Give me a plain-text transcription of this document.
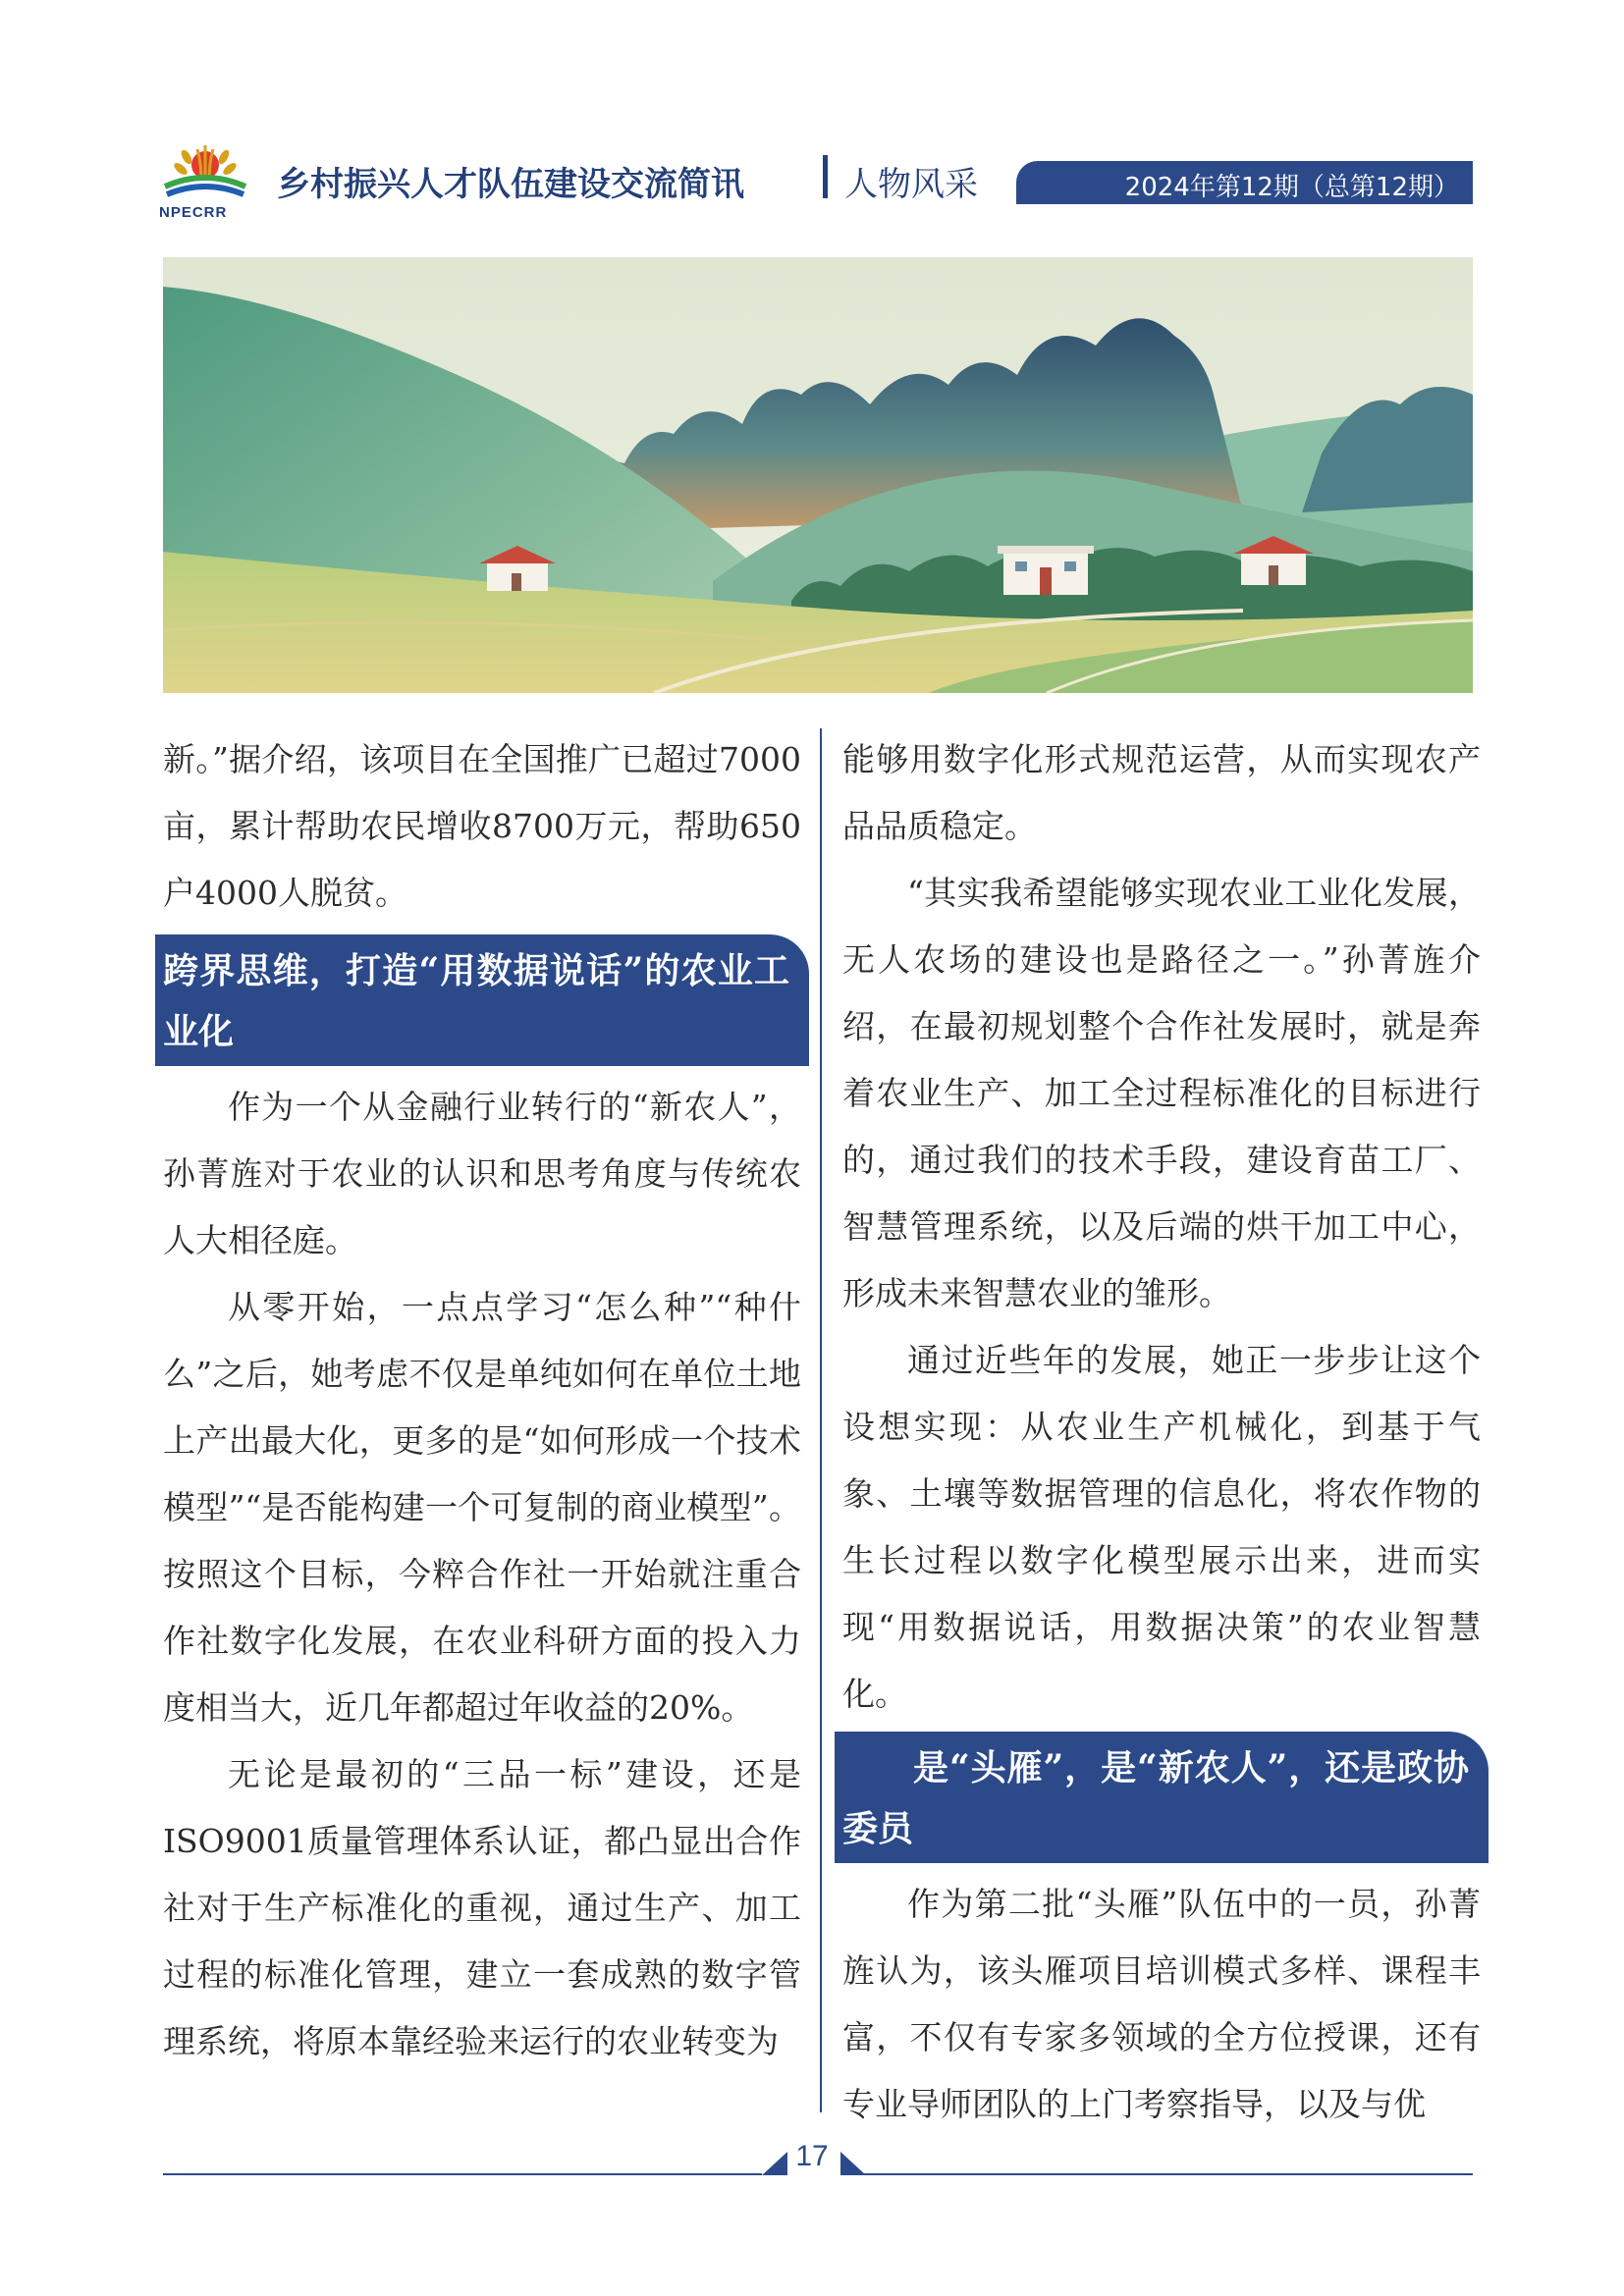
NPECRR
乡村振兴人才队伍建设交流简讯	人物风采	2024年第12期（总第12期）

新。”据介绍，该项目在全国推广已超过7000亩，累计帮助农民增收8700万元，帮助650户4000人脱贫。

跨界思维，打造“用数据说话”的农业工业化

作为一个从金融行业转行的“新农人”，孙菁旌对于农业的认识和思考角度与传统农人大相径庭。

从零开始，一点点学习“怎么种”“种什么”之后，她考虑不仅是单纯如何在单位土地上产出最大化，更多的是“如何形成一个技术模型”“是否能构建一个可复制的商业模型”。按照这个目标，今粹合作社一开始就注重合作社数字化发展，在农业科研方面的投入力度相当大，近几年都超过年收益的20%。

无论是最初的“三品一标”建设，还是ISO9001质量管理体系认证，都凸显出合作社对于生产标准化的重视，通过生产、加工过程的标准化管理，建立一套成熟的数字管理系统，将原本靠经验来运行的农业转变为

能够用数字化形式规范运营，从而实现农产品品质稳定。

“其实我希望能够实现农业工业化发展，无人农场的建设也是路径之一。”孙菁旌介绍，在最初规划整个合作社发展时，就是奔着农业生产、加工全过程标准化的目标进行的，通过我们的技术手段，建设育苗工厂、智慧管理系统，以及后端的烘干加工中心，形成未来智慧农业的雏形。

通过近些年的发展，她正一步步让这个设想实现：从农业生产机械化，到基于气象、土壤等数据管理的信息化，将农作物的生长过程以数字化模型展示出来，进而实现“用数据说话，用数据决策”的农业智慧化。

是“头雁”，是“新农人”，还是政协委员

作为第二批“头雁”队伍中的一员，孙菁旌认为，该头雁项目培训模式多样、课程丰富，不仅有专家多领域的全方位授课，还有专业导师团队的上门考察指导，以及与优

17
